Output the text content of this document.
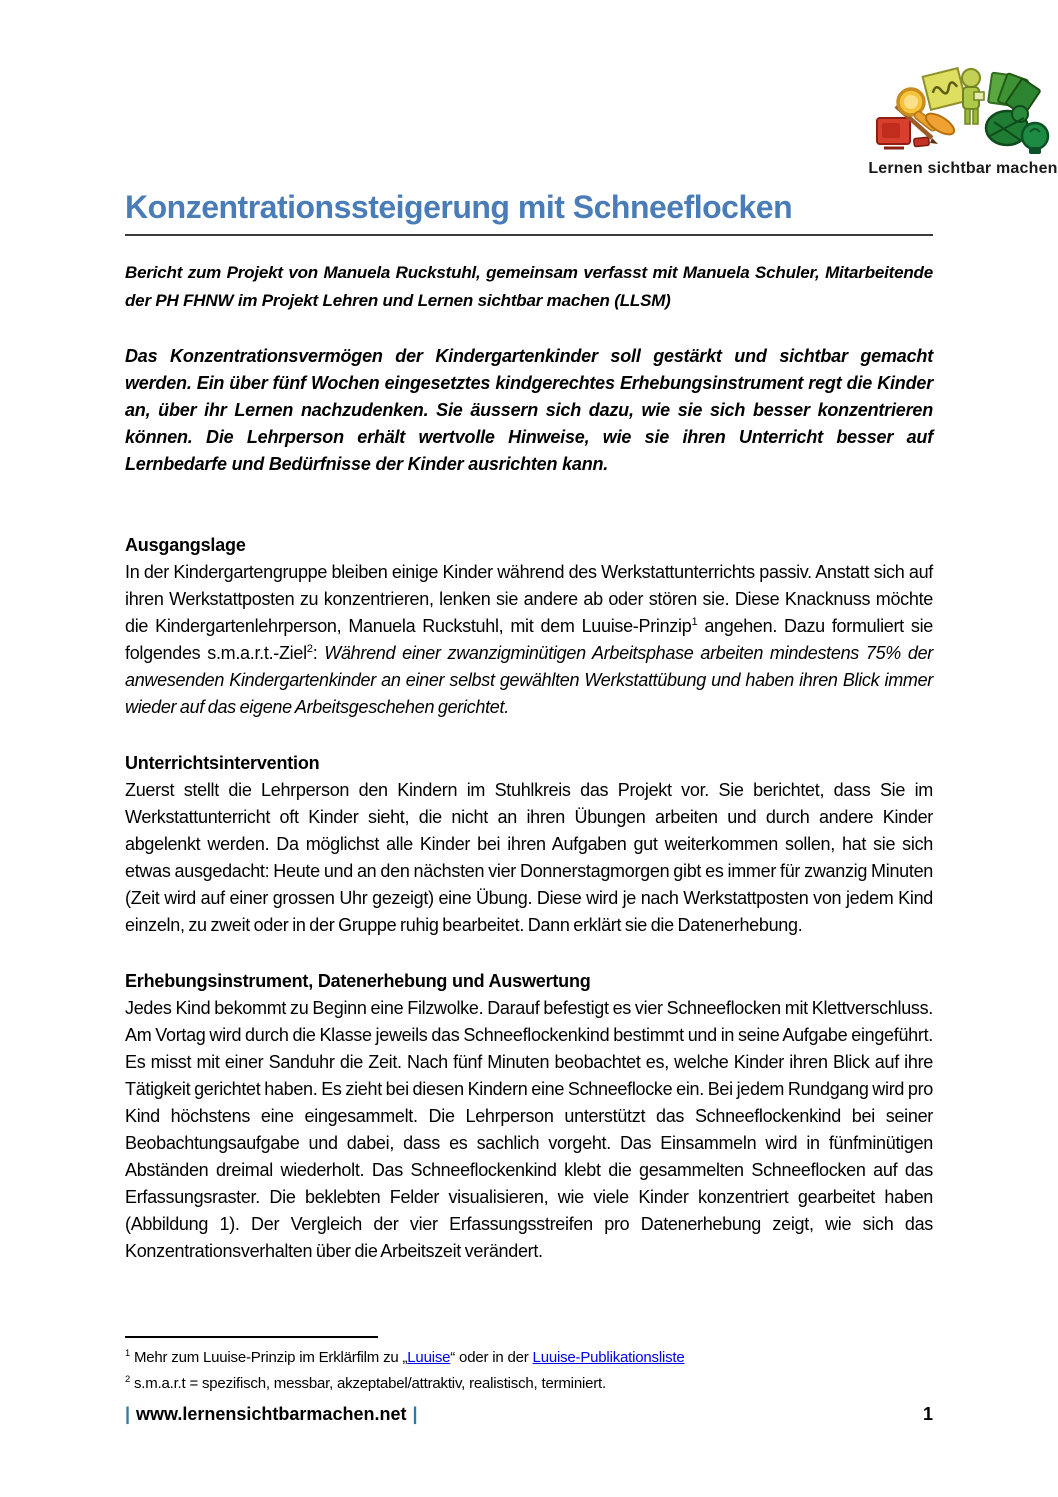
Lernen sichtbar machen
Konzentrationssteigerung mit Schneeflocken

Bericht zum Projekt von Manuela Ruckstuhl, gemeinsam verfasst mit Manuela Schuler, Mitarbeitende der PH FHNW im Projekt Lehren und Lernen sichtbar machen (LLSM)

Das Konzentrationsvermögen der Kindergartenkinder soll gestärkt und sichtbar gemacht werden. Ein über fünf Wochen eingesetztes kindgerechtes Erhebungsinstrument regt die Kinder an, über ihr Lernen nachzudenken. Sie äussern sich dazu, wie sie sich besser konzentrieren können. Die Lehrperson erhält wertvolle Hinweise, wie sie ihren Unterricht besser auf Lernbedarfe und Bedürfnisse der Kinder ausrichten kann.

Ausgangslage

In der Kindergartengruppe bleiben einige Kinder während des Werkstattunterrichts passiv. Anstatt sich auf ihren Werkstattposten zu konzentrieren, lenken sie andere ab oder stören sie. Diese Knacknuss möchte die Kindergartenlehrperson, Manuela Ruckstuhl, mit dem Luuise-Prinzip$^1$ angehen. Dazu formuliert sie folgendes s.m.a.r.t.-Ziel$^2$: Während einer zwanzigminütigen Arbeitsphase arbeiten mindestens 75% der anwesenden Kindergartenkinder an einer selbst gewählten Werkstattübung und haben ihren Blick immer wieder auf das eigene Arbeitsgeschehen gerichtet.

Unterrichtsintervention

Zuerst stellt die Lehrperson den Kindern im Stuhlkreis das Projekt vor. Sie berichtet, dass Sie im Werkstattunterricht oft Kinder sieht, die nicht an ihren Übungen arbeiten und durch andere Kinder abgelenkt werden. Da möglichst alle Kinder bei ihren Aufgaben gut weiterkommen sollen, hat sie sich etwas ausgedacht: Heute und an den nächsten vier Donnerstagmorgen gibt es immer für zwanzig Minuten (Zeit wird auf einer grossen Uhr gezeigt) eine Übung. Diese wird je nach Werkstattposten von jedem Kind einzeln, zu zweit oder in der Gruppe ruhig bearbeitet. Dann erklärt sie die Datenerhebung.

Erhebungsinstrument, Datenerhebung und Auswertung

Jedes Kind bekommt zu Beginn eine Filzwolke. Darauf befestigt es vier Schneeflocken mit Klettverschluss. Am Vortag wird durch die Klasse jeweils das Schneeflockenkind bestimmt und in seine Aufgabe eingeführt. Es misst mit einer Sanduhr die Zeit. Nach fünf Minuten beobachtet es, welche Kinder ihren Blick auf ihre Tätigkeit gerichtet haben. Es zieht bei diesen Kindern eine Schneeflocke ein. Bei jedem Rundgang wird pro Kind höchstens eine eingesammelt. Die Lehrperson unterstützt das Schneeflockenkind bei seiner Beobachtungsaufgabe und dabei, dass es sachlich vorgeht. Das Einsammeln wird in fünfminütigen Abständen dreimal wiederholt. Das Schneeflockenkind klebt die gesammelten Schneeflocken auf das Erfassungsraster. Die beklebten Felder visualisieren, wie viele Kinder konzentriert gearbeitet haben (Abbildung 1). Der Vergleich der vier Erfassungsstreifen pro Datenerhebung zeigt, wie sich das Konzentrationsverhalten über die Arbeitszeit verändert.

$^1$ Mehr zum Luuise-Prinzip im Erklärfilm zu „Luuise“ oder in der Luuise-Publikationsliste
$^2$ s.m.a.r.t = spezifisch, messbar, akzeptabel/attraktiv, realistisch, terminiert.
| www.lernensichtbarmachen.net |	1
